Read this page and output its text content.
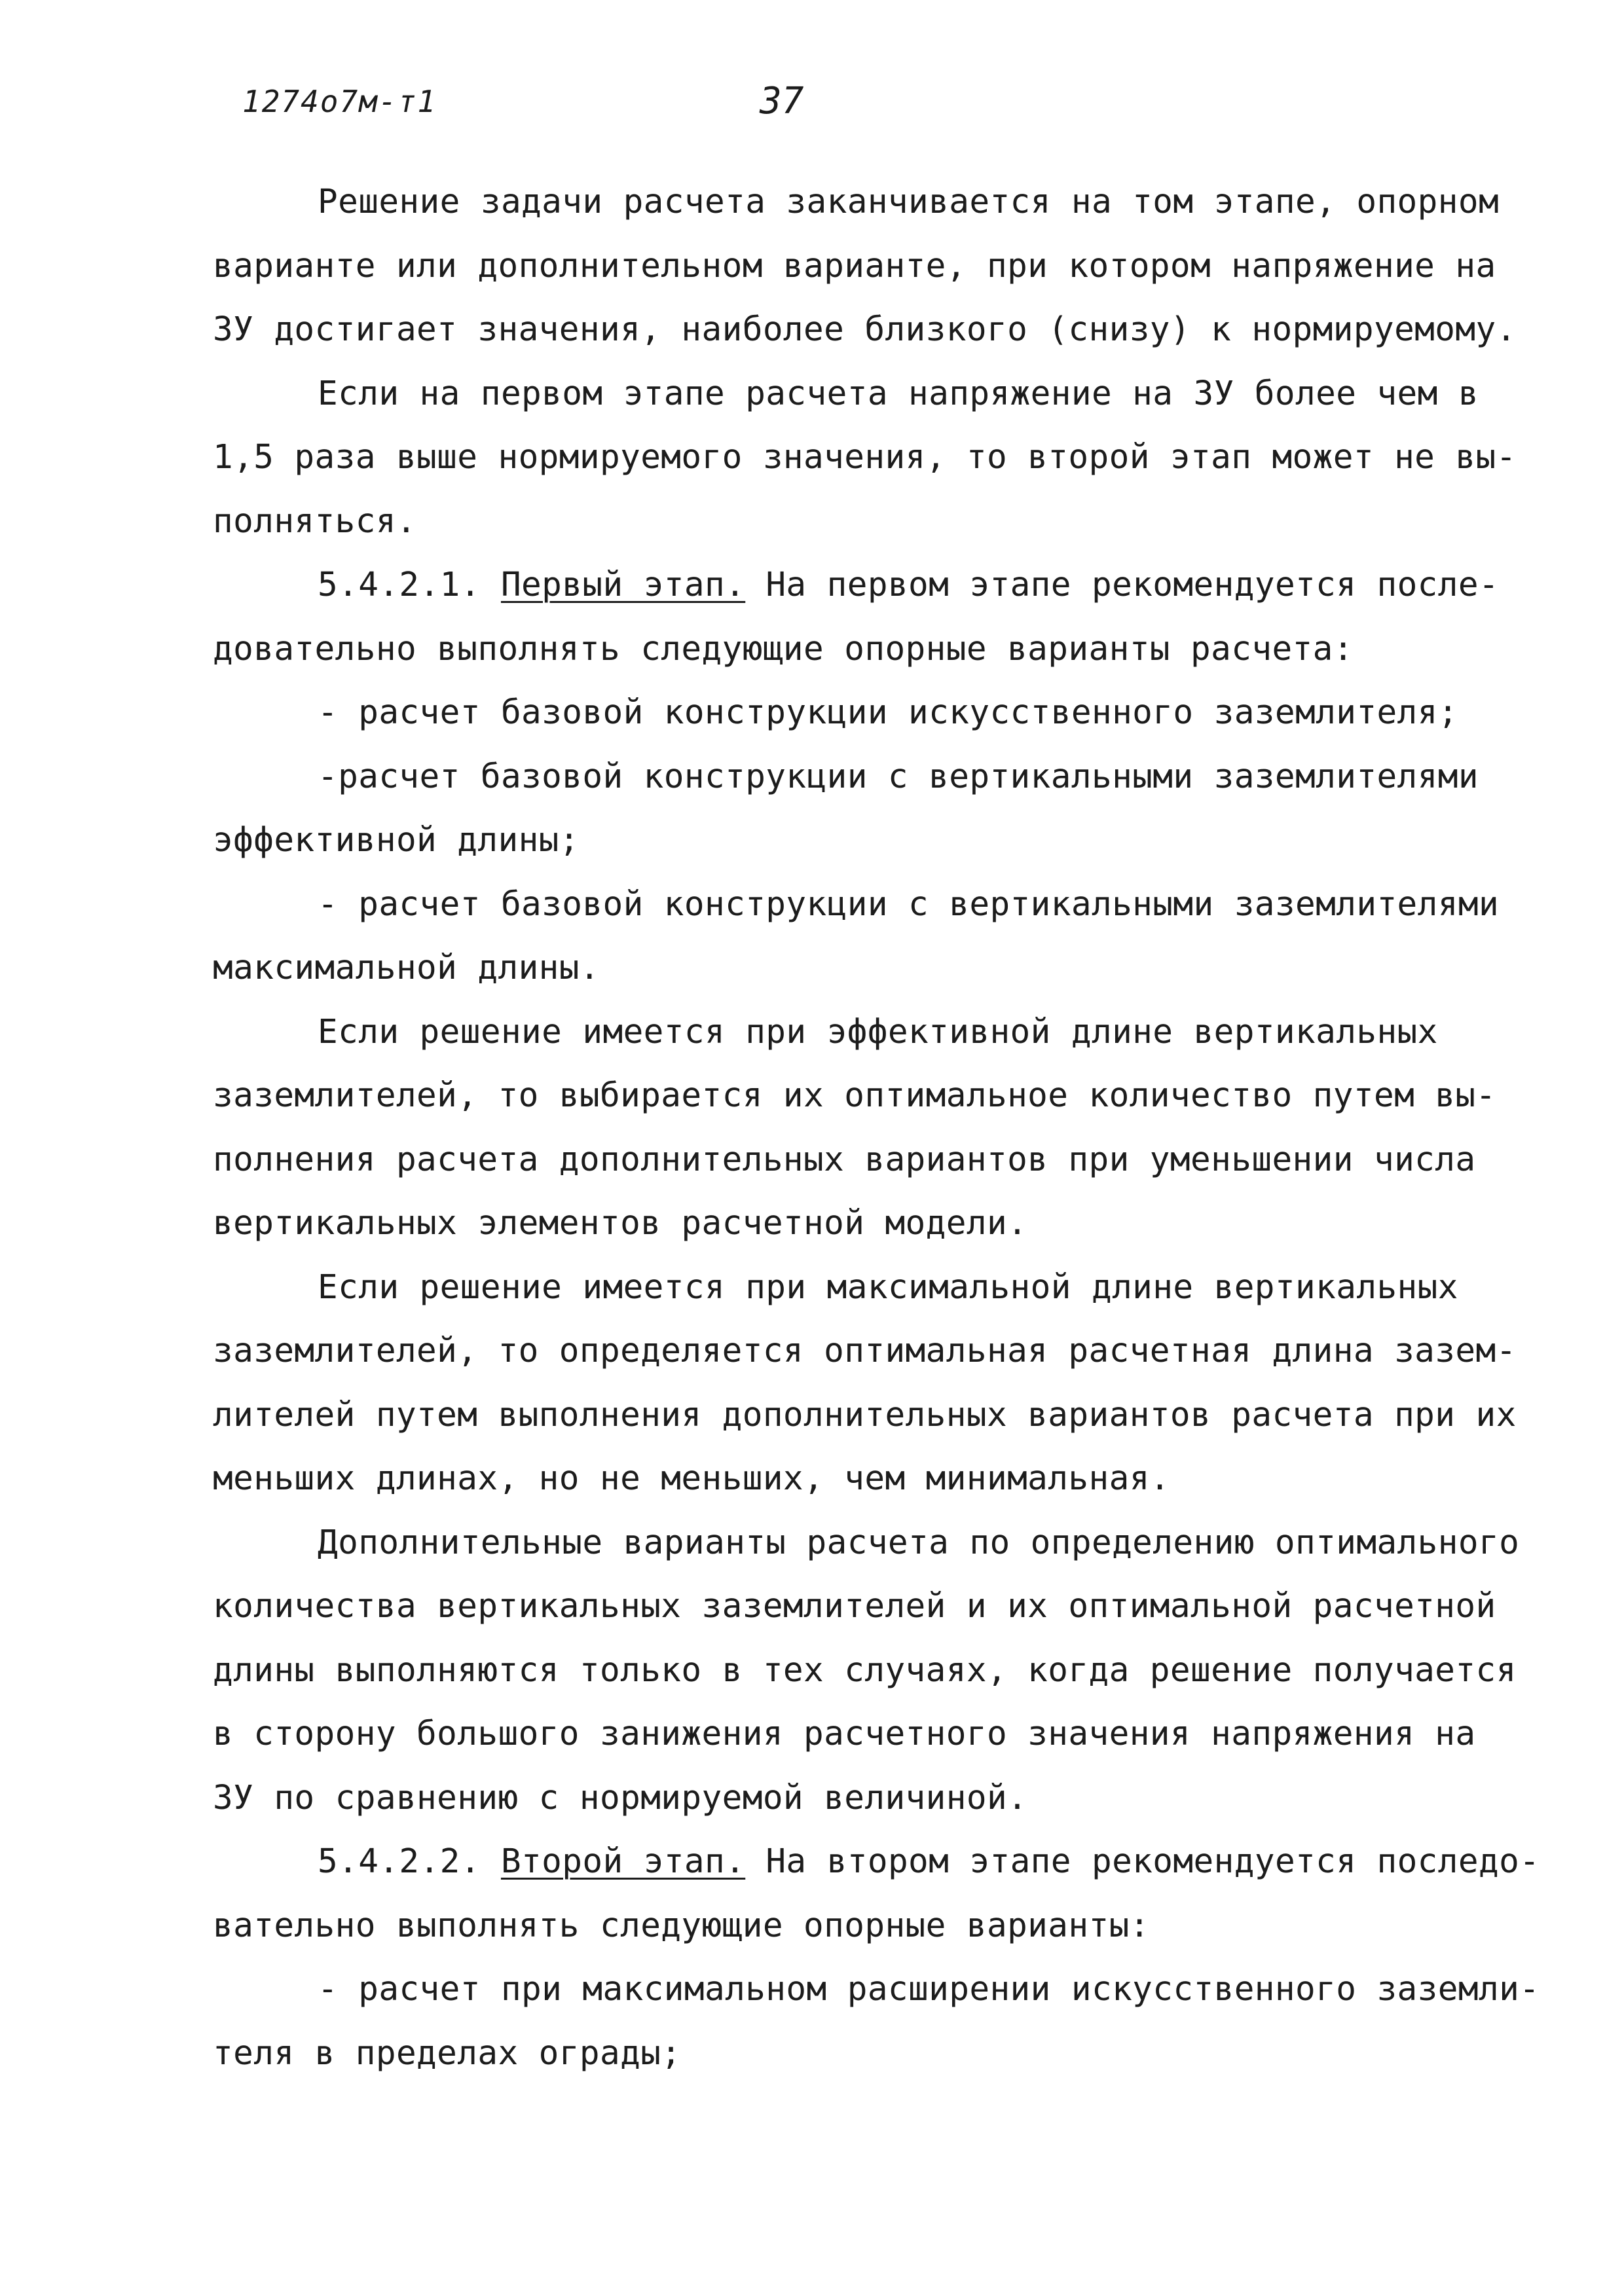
1274о7м-т1	37
Решение задачи расчета заканчивается на том этапе, опорном
варианте или дополнительном варианте, при котором напряжение на
ЗУ достигает значения, наиболее близкого (снизу) к нормируемому.
Если на первом этапе расчета напряжение на ЗУ более чем в
1,5 раза выше нормируемого значения, то второй этап может не вы-
полняться.
5.4.2.1. Первый этап. На первом этапе рекомендуется после-
довательно выполнять следующие опорные варианты расчета:
- расчет базовой конструкции искусственного заземлителя;
-расчет базовой конструкции с вертикальными заземлителями
эффективной длины;
- расчет базовой конструкции с вертикальными заземлителями
максимальной длины.
Если решение имеется при эффективной длине вертикальных
заземлителей, то выбирается их оптимальное количество путем вы-
полнения расчета дополнительных вариантов при уменьшении числа
вертикальных элементов расчетной модели.
Если решение имеется при максимальной длине вертикальных
заземлителей, то определяется оптимальная расчетная длина зазем-
лителей путем выполнения дополнительных вариантов расчета при их
меньших длинах, но не меньших, чем минимальная.
Дополнительные варианты расчета по определению оптимального
количества вертикальных заземлителей и их оптимальной расчетной
длины выполняются только в тех случаях, когда решение получается
в сторону большого занижения расчетного значения напряжения на
ЗУ по сравнению с нормируемой величиной.
5.4.2.2. Второй этап. На втором этапе рекомендуется последо-
вательно выполнять следующие опорные варианты:
- расчет при максимальном расширении искусственного заземли-
теля в пределах ограды;
